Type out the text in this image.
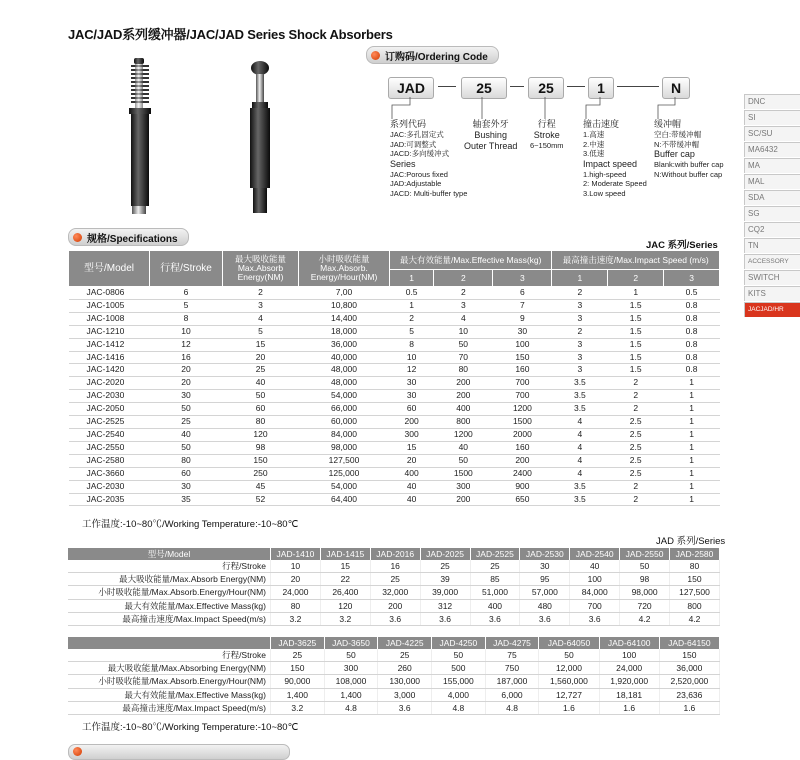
JAC/JAD系列缓冲器/JAC/JAD Series Shock Absorbers
订购码/Ordering Code
JAD	25	25	1	N
系列代码
JAC:多孔固定式
JAD:可调整式
JACD:多向缓冲式
Series
JAC:Porous fixed
JAD:Adjustable
JACD: Multi-buffer type
轴套外牙
Bushing
Outer Thread
行程
Stroke
6~150mm
撞击速度
1.高速
2.中速
3.低速
Impact speed
1.high-speed
2: Moderate Speed
3.Low speed
缓冲帽
空白:带缓冲帽
N:不带缓冲帽
Buffer cap
Blank:with buffer cap
N:Without buffer cap
DNC
SI
SC/SU
MA6432
MA
MAL
SDA
SG
CQ2
TN
ACCESSORY
SWITCH
KITS
JACJAD/HR
规格/Specifications
JAC 系列/Series
型号/Model	行程/Stroke	最大吸收能量 Max.Absorb Energy(NM)	小时吸收能量 Max.Absorb. Energy/Hour(NM)	最大有效能量/Max.Effective Mass(kg)			最高撞击速度/Max.Impact Speed (m/s)		
				1	2	3	1	2	3
JAC-0806	6	2	7,00	0.5	2	6	2	1	0.5
JAC-1005	5	3	10,800	1	3	7	3	1.5	0.8
JAC-1008	8	4	14,400	2	4	9	3	1.5	0.8
JAC-1210	10	5	18,000	5	10	30	2	1.5	0.8
JAC-1412	12	15	36,000	8	50	100	3	1.5	0.8
JAC-1416	16	20	40,000	10	70	150	3	1.5	0.8
JAC-1420	20	25	48,000	12	80	160	3	1.5	0.8
JAC-2020	20	40	48,000	30	200	700	3.5	2	1
JAC-2030	30	50	54,000	30	200	700	3.5	2	1
JAC-2050	50	60	66,000	60	400	1200	3.5	2	1
JAC-2525	25	80	60,000	200	800	1500	4	2.5	1
JAC-2540	40	120	84,000	300	1200	2000	4	2.5	1
JAC-2550	50	98	98,000	15	40	160	4	2.5	1
JAC-2580	80	150	127,500	20	50	200	4	2.5	1
JAC-3660	60	250	125,000	400	1500	2400	4	2.5	1
JAC-2030	30	45	54,000	40	300	900	3.5	2	1
JAC-2035	35	52	64,400	40	200	650	3.5	2	1
工作温度:-10~80℃/Working Temperature:-10~80℃
JAD 系列/Series
型号/Model	JAD-1410	JAD-1415	JAD-2016	JAD-2025	JAD-2525	JAD-2530	JAD-2540	JAD-2550	JAD-2580
行程/Stroke	10	15	16	25	25	30	40	50	80
最大吸收能量/Max.Absorb Energy(NM)	20	22	25	39	85	95	100	98	150
小时吸收能量/Max.Absorb.Energy/Hour(NM)	24,000	26,400	32,000	39,000	51,000	57,000	84,000	98,000	127,500
最大有效能量/Max.Effective Mass(kg)	80	120	200	312	400	480	700	720	800
最高撞击速度/Max.Impact Speed(m/s)	3.2	3.2	3.6	3.6	3.6	3.6	3.6	4.2	4.2
	JAD-3625	JAD-3650	JAD-4225	JAD-4250	JAD-4275	JAD-64050	JAD-64100	JAD-64150
行程/Stroke	25	50	25	50	75	50	100	150
最大吸收能量/Max.Absorbing Energy(NM)	150	300	260	500	750	12,000	24,000	36,000
小时吸收能量/Max.Absorb.Energy/Hour(NM)	90,000	108,000	130,000	155,000	187,000	1,560,000	1,920,000	2,520,000
最大有效能量/Max.Effective Mass(kg)	1,400	1,400	3,000	4,000	6,000	12,727	18,181	23,636
最高撞击速度/Max.Impact Speed(m/s)	3.2	4.8	3.6	4.8	4.8	1.6	1.6	1.6
工作温度:-10~80℃/Working Temperature:-10~80℃
